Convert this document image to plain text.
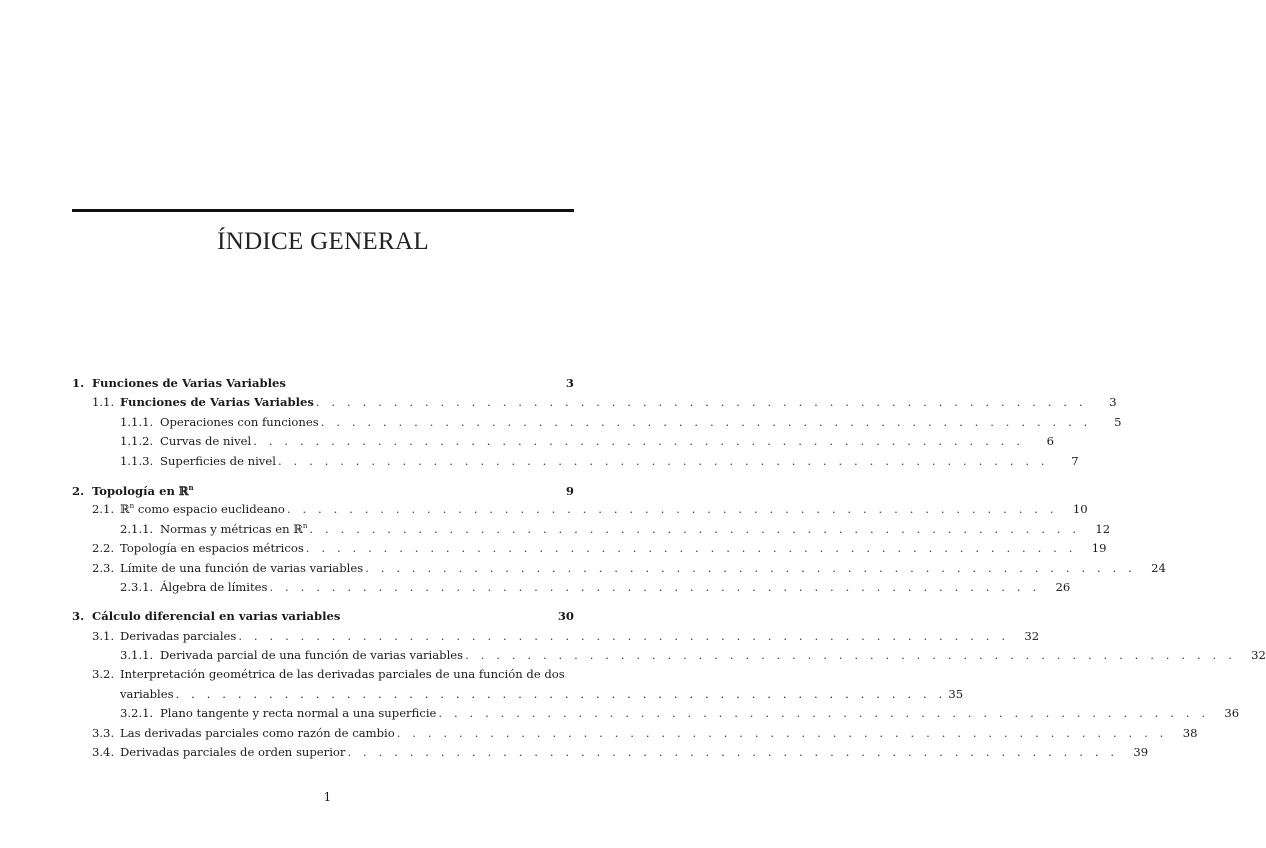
ÍNDICE GENERAL
1. Funciones de Varias Variables	3
1.1. Funciones de Varias Variables . . . . . . . . . . . . . . . . . . . . . . . . . . . . . . . . . . . . . . . . . . . . . . . . . .	3
1.1.1. Operaciones con funciones . . . . . . . . . . . . . . . . . . . . . . . . . . . . . . . . . . . . . . . . . . . . . . . . . .	5
1.1.2. Curvas de nivel . . . . . . . . . . . . . . . . . . . . . . . . . . . . . . . . . . . . . . . . . . . . . . . . . .	6
1.1.3. Superficies de nivel . . . . . . . . . . . . . . . . . . . . . . . . . . . . . . . . . . . . . . . . . . . . . . . . . .	7
2. Topología en ℝ$^n$	9
2.1. ℝ$^n$ como espacio euclideano . . . . . . . . . . . . . . . . . . . . . . . . . . . . . . . . . . . . . . . . . . . . . . . . . .	10
2.1.1. Normas y métricas en ℝ$^n$ . . . . . . . . . . . . . . . . . . . . . . . . . . . . . . . . . . . . . . . . . . . . . . . . . .	12
2.2. Topología en espacios métricos . . . . . . . . . . . . . . . . . . . . . . . . . . . . . . . . . . . . . . . . . . . . . . . . . .	19
2.3. Límite de una función de varias variables . . . . . . . . . . . . . . . . . . . . . . . . . . . . . . . . . . . . . . . . . . . . . . . . . .	24
2.3.1. Álgebra de límites . . . . . . . . . . . . . . . . . . . . . . . . . . . . . . . . . . . . . . . . . . . . . . . . . .	26
3. Cálculo diferencial en varias variables	30
3.1. Derivadas parciales . . . . . . . . . . . . . . . . . . . . . . . . . . . . . . . . . . . . . . . . . . . . . . . . . .	32
3.1.1. Derivada parcial de una función de varias variables . . . . . . . . . . . . . . . . . . . . . . . . . . . . . . . . . . . . . . . . . . . . . . . . . .	32
3.2. Interpretación geométrica de las derivadas parciales de una función de dos
variables . . . . . . . . . . . . . . . . . . . . . . . . . . . . . . . . . . . . . . . . . . . . . . . . . . 35
3.2.1. Plano tangente y recta normal a una superficie . . . . . . . . . . . . . . . . . . . . . . . . . . . . . . . . . . . . . . . . . . . . . . . . . .	36
3.3. Las derivadas parciales como razón de cambio . . . . . . . . . . . . . . . . . . . . . . . . . . . . . . . . . . . . . . . . . . . . . . . . . .	38
3.4. Derivadas parciales de orden superior . . . . . . . . . . . . . . . . . . . . . . . . . . . . . . . . . . . . . . . . . . . . . . . . . .	39
1
